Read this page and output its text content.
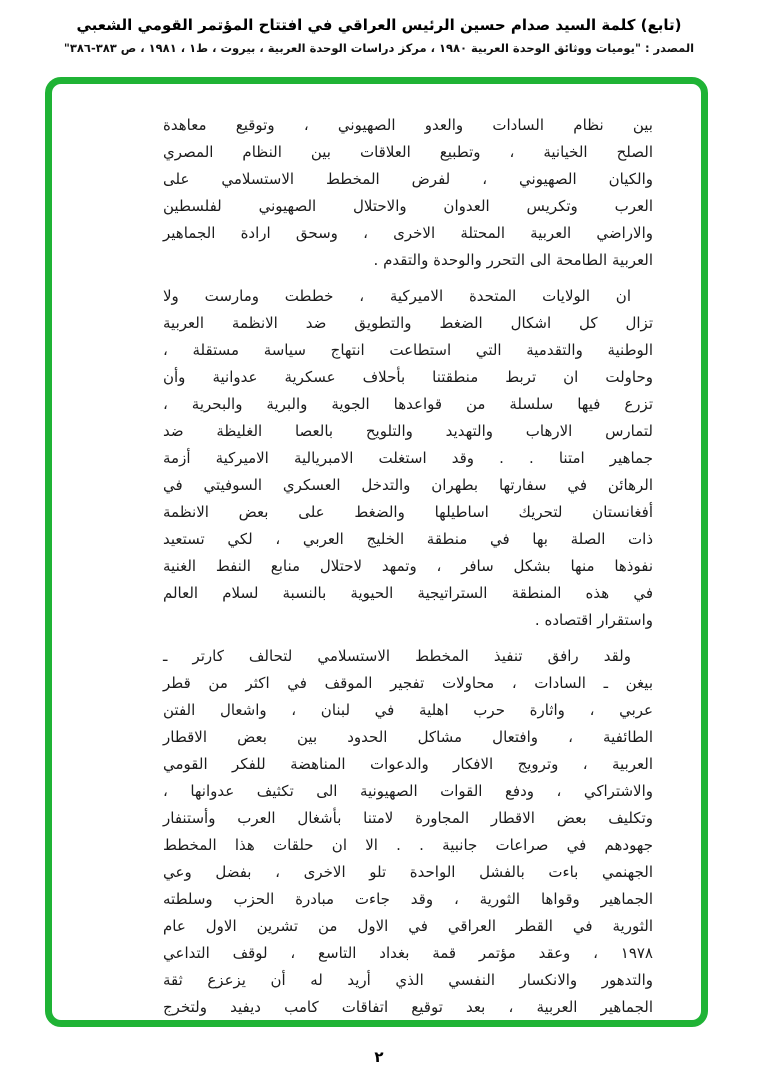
(تابع) كلمة السيد صدام حسين الرئيس العراقي في افتتاح المؤتمر القومي الشعبي
المصدر : "يوميات ووثائق الوحدة العربية ١٩٨٠ ، مركز دراسات الوحدة العربية ، بيروت ، ط١ ، ١٩٨١ ، ص ٣٨٣-٣٨٦"

بين نظام السادات والعدو الصهيوني ، وتوقيع معاهدة
الصلح الخيانية ، وتطبيع العلاقات بين النظام المصري
والكيان الصهيوني ، لفرض المخطط الاستسلامي على
العرب وتكريس العدوان والاحتلال الصهيوني لفلسطين
والاراضي العربية المحتلة الاخرى ، وسحق ارادة الجماهير
العربية الطامحة الى التحرر والوحدة والتقدم .

ان الولايات المتحدة الاميركية ، خططت ومارست ولا
تزال كل اشكال الضغط والتطويق ضد الانظمة العربية
الوطنية والتقدمية التي استطاعت انتهاج سياسة مستقلة ،
وحاولت ان تربط منطقتنا بأحلاف عسكرية عدوانية وأن
تزرع فيها سلسلة من قواعدها الجوية والبرية والبحرية ،
لتمارس الارهاب والتهديد والتلويح بالعصا الغليظة ضد
جماهير امتنا . . وقد استغلت الامبريالية الاميركية أزمة
الرهائن في سفارتها بطهران والتدخل العسكري السوفيتي في
أفغانستان لتحريك اساطيلها والضغط على بعض الانظمة
ذات الصلة بها في منطقة الخليج العربي ، لكي تستعيد
نفوذها منها بشكل سافر ، وتمهد لاحتلال منابع النفط الغنية
في هذه المنطقة الستراتيجية الحيوية بالنسبة لسلام العالم
واستقرار اقتصاده .

ولقد رافق تنفيذ المخطط الاستسلامي لتحالف كارتر ـ
بيغن ـ السادات ، محاولات تفجير الموقف في اكثر من قطر
عربي ، واثارة حرب اهلية في لبنان ، واشعال الفتن
الطائفية ، وافتعال مشاكل الحدود بين بعض الاقطار
العربية ، وترويج الافكار والدعوات المناهضة للفكر القومي
والاشتراكي ، ودفع القوات الصهيونية الى تكثيف عدوانها ،
وتكليف بعض الاقطار المجاورة لامتنا بأشغال العرب وأستنفار
جهودهم في صراعات جانبية . . الا ان حلقات هذا المخطط
الجهنمي باءت بالفشل الواحدة تلو الاخرى ، بفضل وعي
الجماهير وقواها الثورية ، وقد جاءت مبادرة الحزب وسلطته
الثورية في القطر العراقي في الاول من تشرين الاول عام
١٩٧٨ ، وعقد مؤتمر قمة بغداد التاسع ، لوقف التداعي
والتدهور والانكسار النفسي الذي أريد له أن يزعزع ثقة
الجماهير العربية ، بعد توقيع اتفاقات كامب ديفيد ولتخرج

٢
